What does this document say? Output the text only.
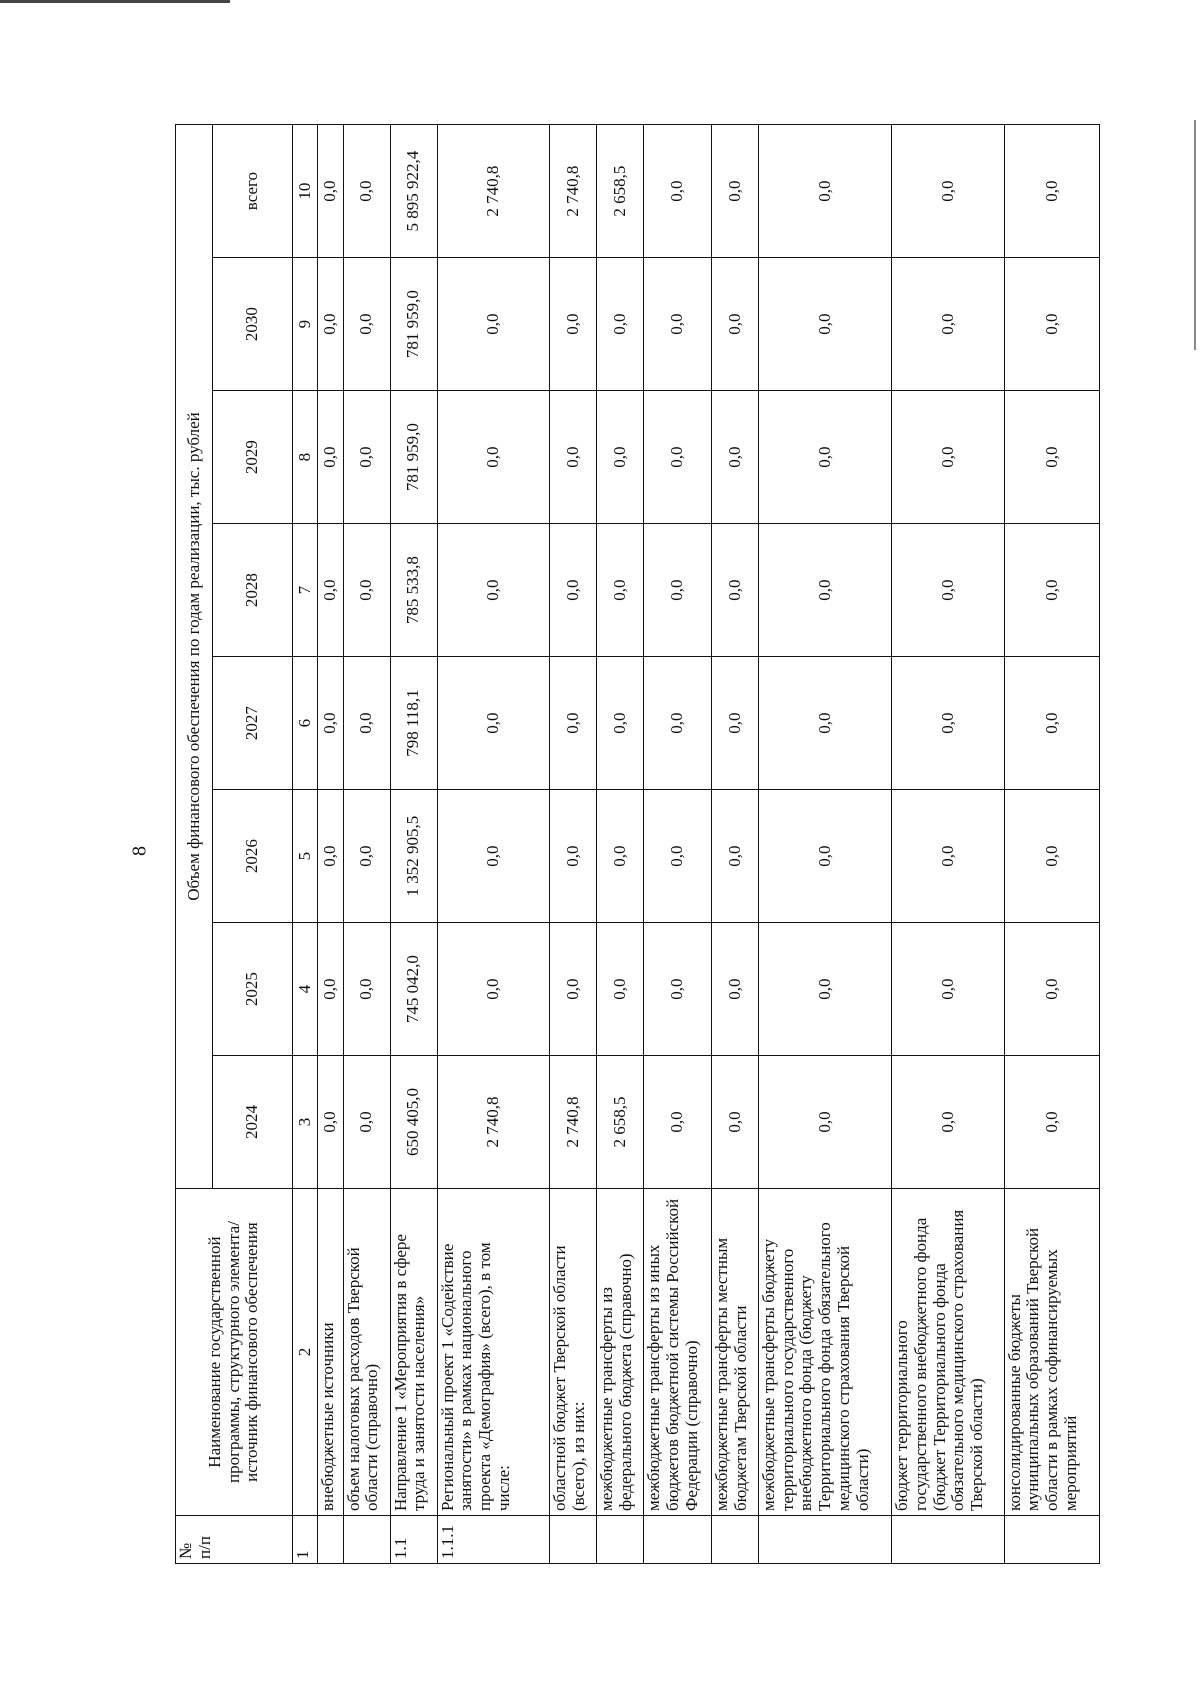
8
№
п/п	Наименование государственной программы, структурного элемента/источник финансового обеспечения	Объем финансового обеспечения по годам реализации, тыс. рублей							
		2024	2025	2026	2027	2028	2029	2030	всего
1	2	3	4	5	6	7	8	9	10
	внебюджетные источники	0,0	0,0	0,0	0,0	0,0	0,0	0,0	0,0
	объем налоговых расходов Тверской области (справочно)	0,0	0,0	0,0	0,0	0,0	0,0	0,0	0,0
1.1	Направление 1 «Мероприятия в сфере труда и занятости населения»	650 405,0	745 042,0	1 352 905,5	798 118,1	785 533,8	781 959,0	781 959,0	5 895 922,4
1.1.1	Региональный проект 1 «Содействие занятости» в рамках национального проекта «Демография» (всего), в том числе:	2 740,8	0,0	0,0	0,0	0,0	0,0	0,0	2 740,8
	областной бюджет Тверской области (всего), из них:	2 740,8	0,0	0,0	0,0	0,0	0,0	0,0	2 740,8
	межбюджетные трансферты из федерального бюджета (справочно)	2 658,5	0,0	0,0	0,0	0,0	0,0	0,0	2 658,5
	межбюджетные трансферты из иных бюджетов бюджетной системы Российской Федерации (справочно)	0,0	0,0	0,0	0,0	0,0	0,0	0,0	0,0
	межбюджетные трансферты местным бюджетам Тверской области	0,0	0,0	0,0	0,0	0,0	0,0	0,0	0,0
	межбюджетные трансферты бюджету территориального государственного внебюджетного фонда (бюджету Территориального фонда обязательного медицинского страхования Тверской области)	0,0	0,0	0,0	0,0	0,0	0,0	0,0	0,0
	бюджет территориального государственного внебюджетного фонда (бюджет Территориального фонда обязательного медицинского страхования Тверской области)	0,0	0,0	0,0	0,0	0,0	0,0	0,0	0,0
	консолидированные бюджеты муниципальных образований Тверской области в рамках софинансируемых мероприятий	0,0	0,0	0,0	0,0	0,0	0,0	0,0	0,0
